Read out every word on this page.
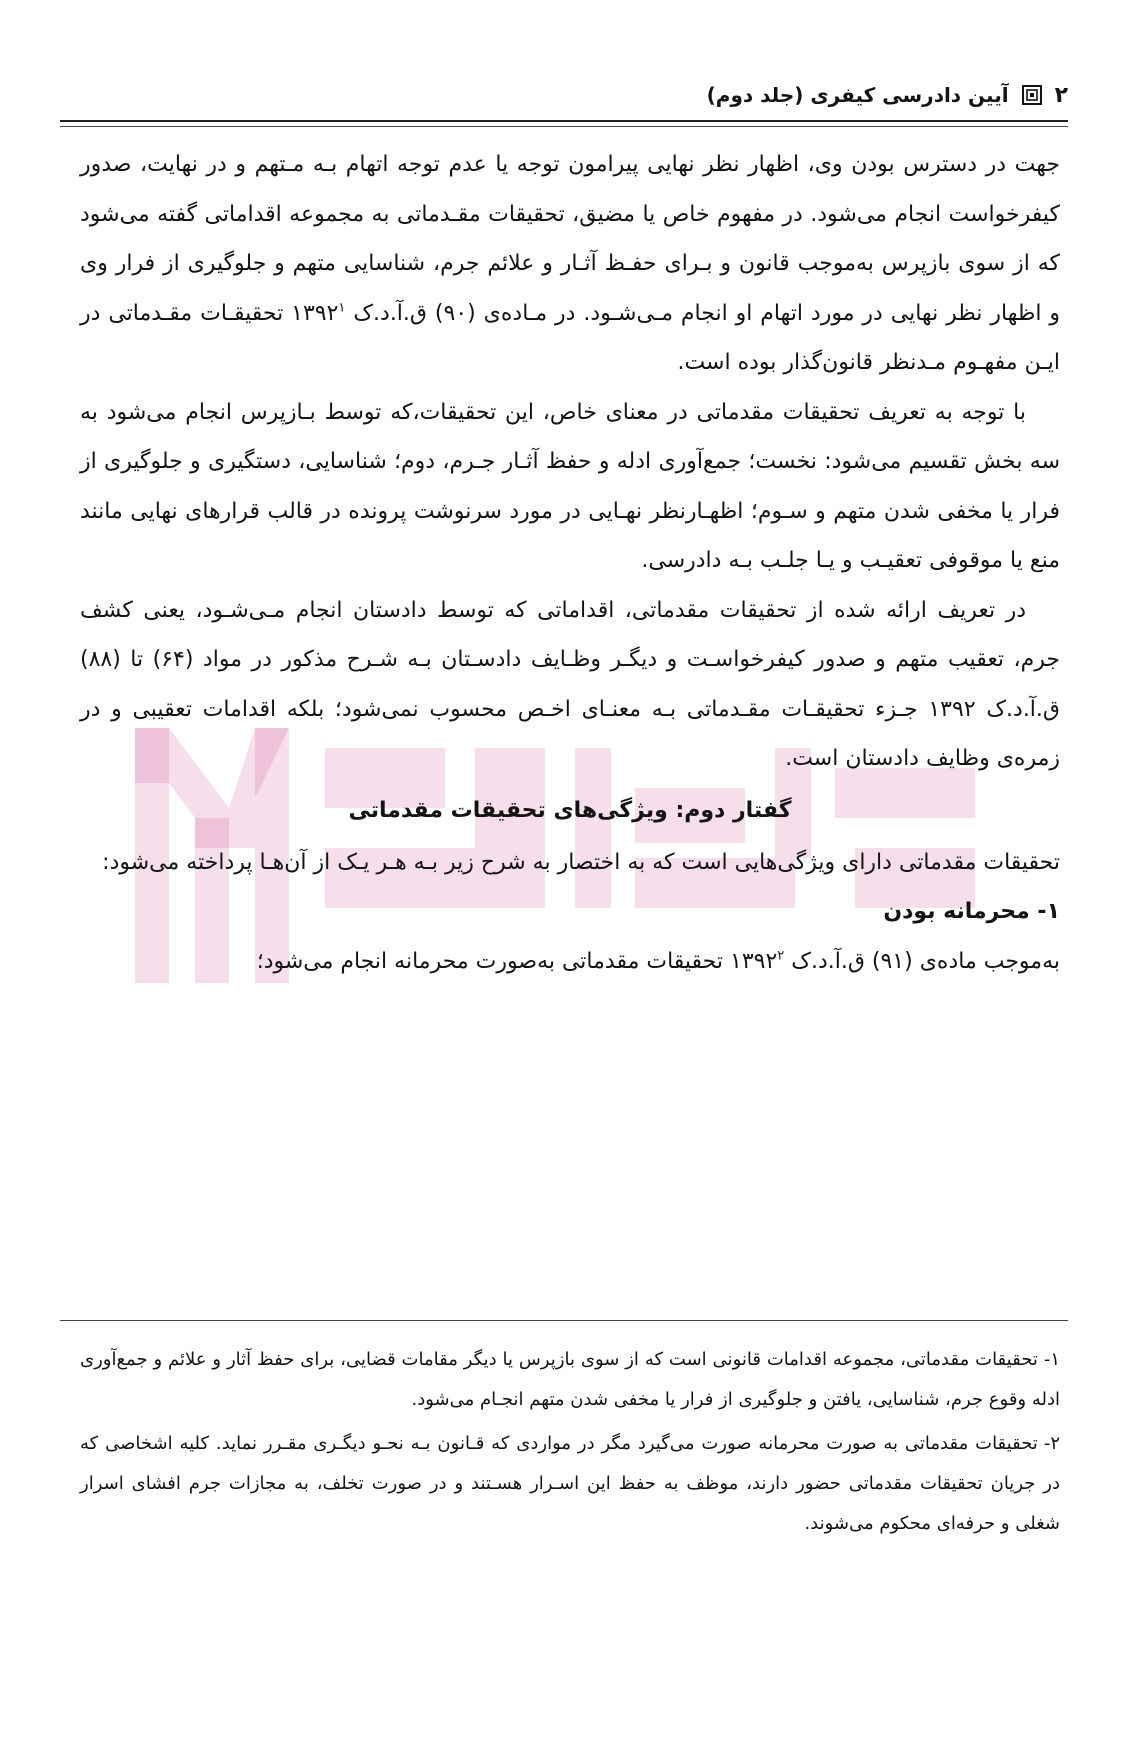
۲
آیین دادرسی کیفری (جلد دوم)

جهت در دسترس بودن وی، اظهار نظر نهایی پیرامون توجه یا عدم توجه اتهام بـه مـتهم و در نهایت، صدور کیفرخواست انجام می‌شود. در مفهوم خاص یا مضیق، تحقیقات مقـدماتی به مجموعه اقداماتی گفته می‌شود که از سوی بازپرس به‌موجب قانون و بـرای حفـظ آثـار و علائم جرم، شناسایی متهم و جلوگیری از فرار وی و اظهار نظر نهایی در مورد اتهام او انجام مـی‌شـود. در مـاده‌ی (۹۰) ق.آ.د.ک ۱۳۹۲$^۱$ تحقیقـات مقـدماتی در ایـن مفهـوم مـدنظر قانون‌گذار بوده است.

با توجه به تعریف تحقیقات مقدماتی در معنای خاص، این تحقیقات،که توسط بـازپرس انجام می‌شود به سه بخش تقسیم می‌شود: نخست؛ جمع‌آوری ادله و حفظ آثـار جـرم، دوم؛ شناسایی، دستگیری و جلوگیری از فرار یا مخفی شدن متهم و سـوم؛ اظهـارنظر نهـایی در مورد سرنوشت پرونده در قالب قرارهای نهایی مانند منع یا موقوفی تعقیـب و یـا جلـب بـه دادرسی.

در تعریف ارائه شده از تحقیقات مقدماتی، اقداماتی که توسط دادستان انجام مـی‌شـود، یعنی کشف جرم، تعقیب متهم و صدور کیفرخواسـت و دیگـر وظـایف دادسـتان بـه شـرح مذکور در مواد (۶۴) تا (۸۸) ق.آ.د.ک ۱۳۹۲ جـزء تحقیقـات مقـدماتی بـه معنـای اخـص محسوب نمی‌شود؛ بلکه اقدامات تعقیبی و در زمره‌ی وظایف دادستان است.

گفتار دوم: ویژگی‌های تحقیقات مقدماتی

تحقیقات مقدماتی دارای ویژگی‌هایی است که به اختصار به شرح زیر بـه هـر یـک از آن‌هـا پرداخته می‌شود:

۱- محرمانه بودن

به‌موجب ماده‌ی (۹۱) ق.آ.د.ک ۱۳۹۲$^۲$ تحقیقات مقدماتی به‌صورت محرمانه انجام می‌شود؛

۱-تحقیقات مقدماتی، مجموعه اقدامات قانونی است که از سوی بازپرس یا دیگر مقامات قضایی، برای حفظ آثار و علائم و جمع‌آوری ادله وقوع جرم، شناسایی، یافتن و جلوگیری از فرار یا مخفی شدن متهم انجـام می‌شود.

۲-تحقیقات مقدماتی به صورت محرمانه صورت می‌گیرد مگر در مواردی که قـانون بـه نحـو دیگـری مقـرر نماید. کلیه اشخاصی که در جریان تحقیقات مقدماتی حضور دارند، موظف به حفظ این اسـرار هسـتند و در صورت تخلف، به مجازات جرم افشای اسرار شغلی و حرفه‌ای محکوم می‌شوند.
